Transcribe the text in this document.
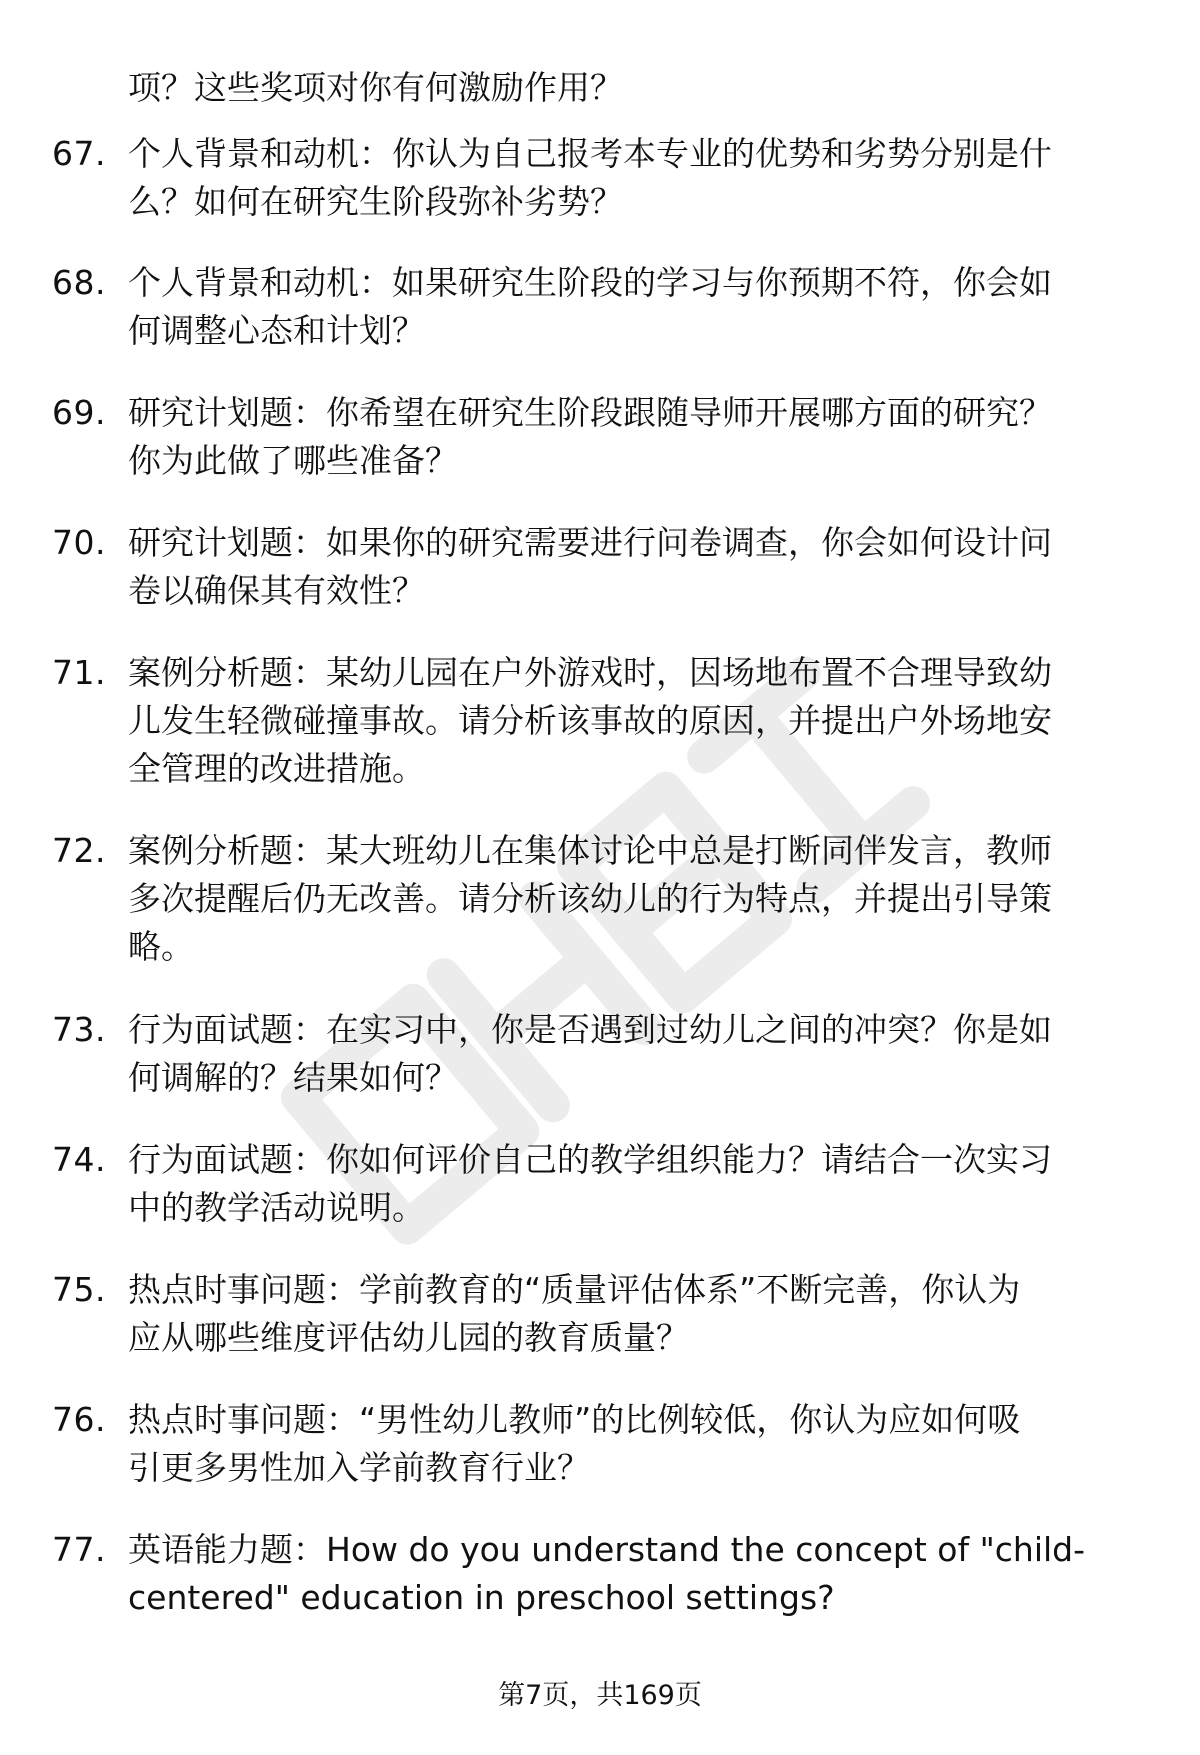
项？这些奖项对你有何激励作用？
67. 个人背景和动机：你认为自己报考本专业的优势和劣势分别是什
么？如何在研究生阶段弥补劣势？
68. 个人背景和动机：如果研究生阶段的学习与你预期不符，你会如
何调整心态和计划？
69. 研究计划题：你希望在研究生阶段跟随导师开展哪方面的研究？
你为此做了哪些准备？
70. 研究计划题：如果你的研究需要进行问卷调查，你会如何设计问
卷以确保其有效性？
71. 案例分析题：某幼儿园在户外游戏时，因场地布置不合理导致幼
儿发生轻微碰撞事故。请分析该事故的原因，并提出户外场地安
全管理的改进措施。
72. 案例分析题：某大班幼儿在集体讨论中总是打断同伴发言，教师
多次提醒后仍无改善。请分析该幼儿的行为特点，并提出引导策
略。
73. 行为面试题：在实习中，你是否遇到过幼儿之间的冲突？你是如
何调解的？结果如何？
74. 行为面试题：你如何评价自己的教学组织能力？请结合一次实习
中的教学活动说明。
75. 热点时事问题：学前教育的“质量评估体系”不断完善，你认为
应从哪些维度评估幼儿园的教育质量？
76. 热点时事问题：“男性幼儿教师”的比例较低，你认为应如何吸
引更多男性加入学前教育行业？
77. 英语能力题：How do you understand the concept of "child-
centered" education in preschool settings?
第7页，共169页
